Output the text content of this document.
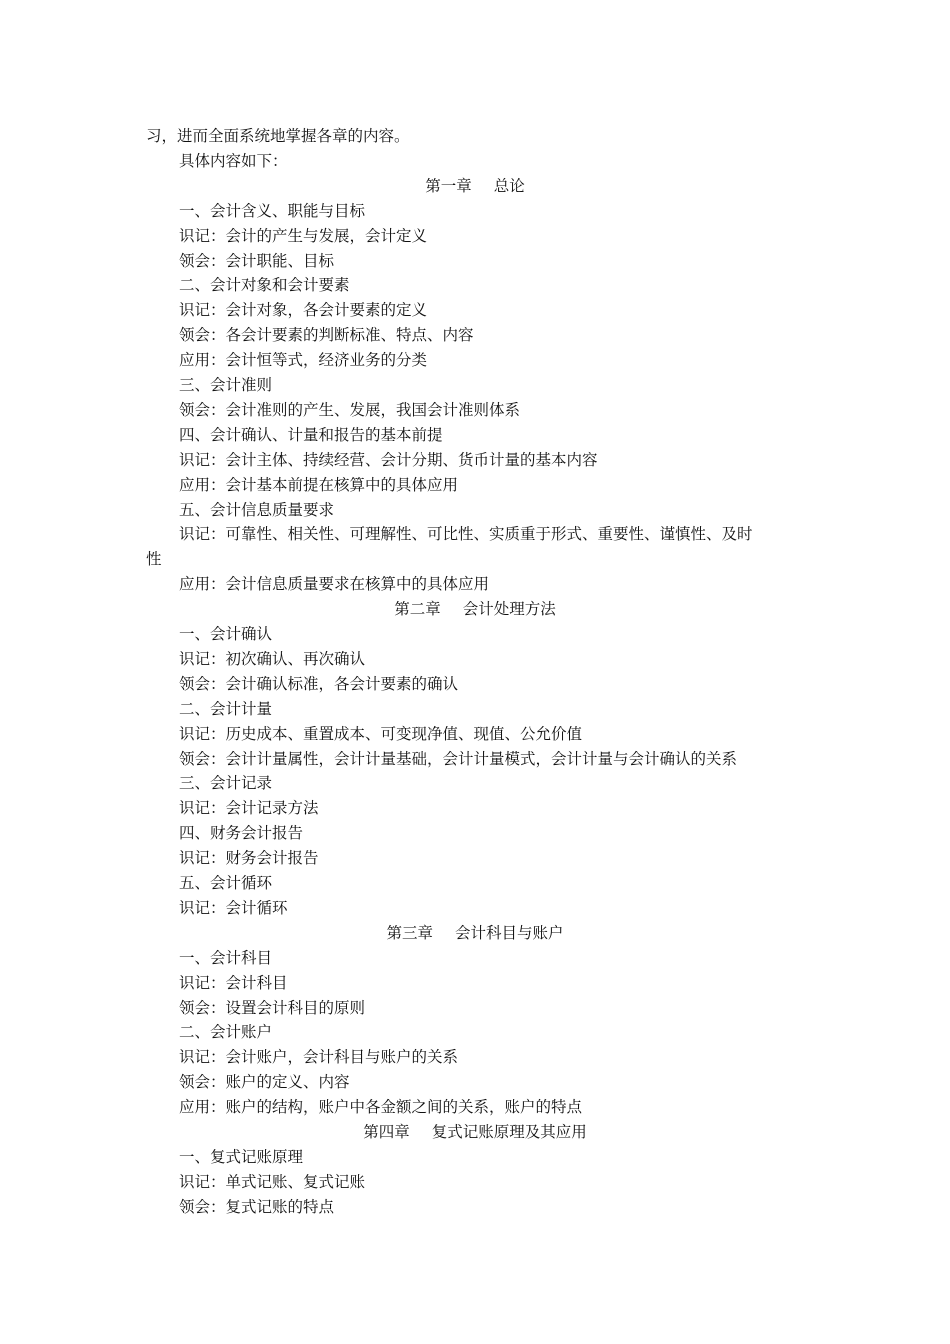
习，进而全面系统地掌握各章的内容。
具体内容如下：
第一章 总论
一、会计含义、职能与目标
识记：会计的产生与发展，会计定义
领会：会计职能、目标
二、会计对象和会计要素
识记：会计对象，各会计要素的定义
领会：各会计要素的判断标准、特点、内容
应用：会计恒等式，经济业务的分类
三、会计准则
领会：会计准则的产生、发展，我国会计准则体系
四、会计确认、计量和报告的基本前提
识记：会计主体、持续经营、会计分期、货币计量的基本内容
应用：会计基本前提在核算中的具体应用
五、会计信息质量要求
识记：可靠性、相关性、可理解性、可比性、实质重于形式、重要性、谨慎性、及时
性
应用：会计信息质量要求在核算中的具体应用
第二章 会计处理方法
一、会计确认
识记：初次确认、再次确认
领会：会计确认标准，各会计要素的确认
二、会计计量
识记：历史成本、重置成本、可变现净值、现值、公允价值
领会：会计计量属性，会计计量基础，会计计量模式，会计计量与会计确认的关系
三、会计记录
识记：会计记录方法
四、财务会计报告
识记：财务会计报告
五、会计循环
识记：会计循环
第三章 会计科目与账户
一、会计科目
识记：会计科目
领会：设置会计科目的原则
二、会计账户
识记：会计账户，会计科目与账户的关系
领会：账户的定义、内容
应用：账户的结构，账户中各金额之间的关系，账户的特点
第四章 复式记账原理及其应用
一、复式记账原理
识记：单式记账、复式记账
领会：复式记账的特点
